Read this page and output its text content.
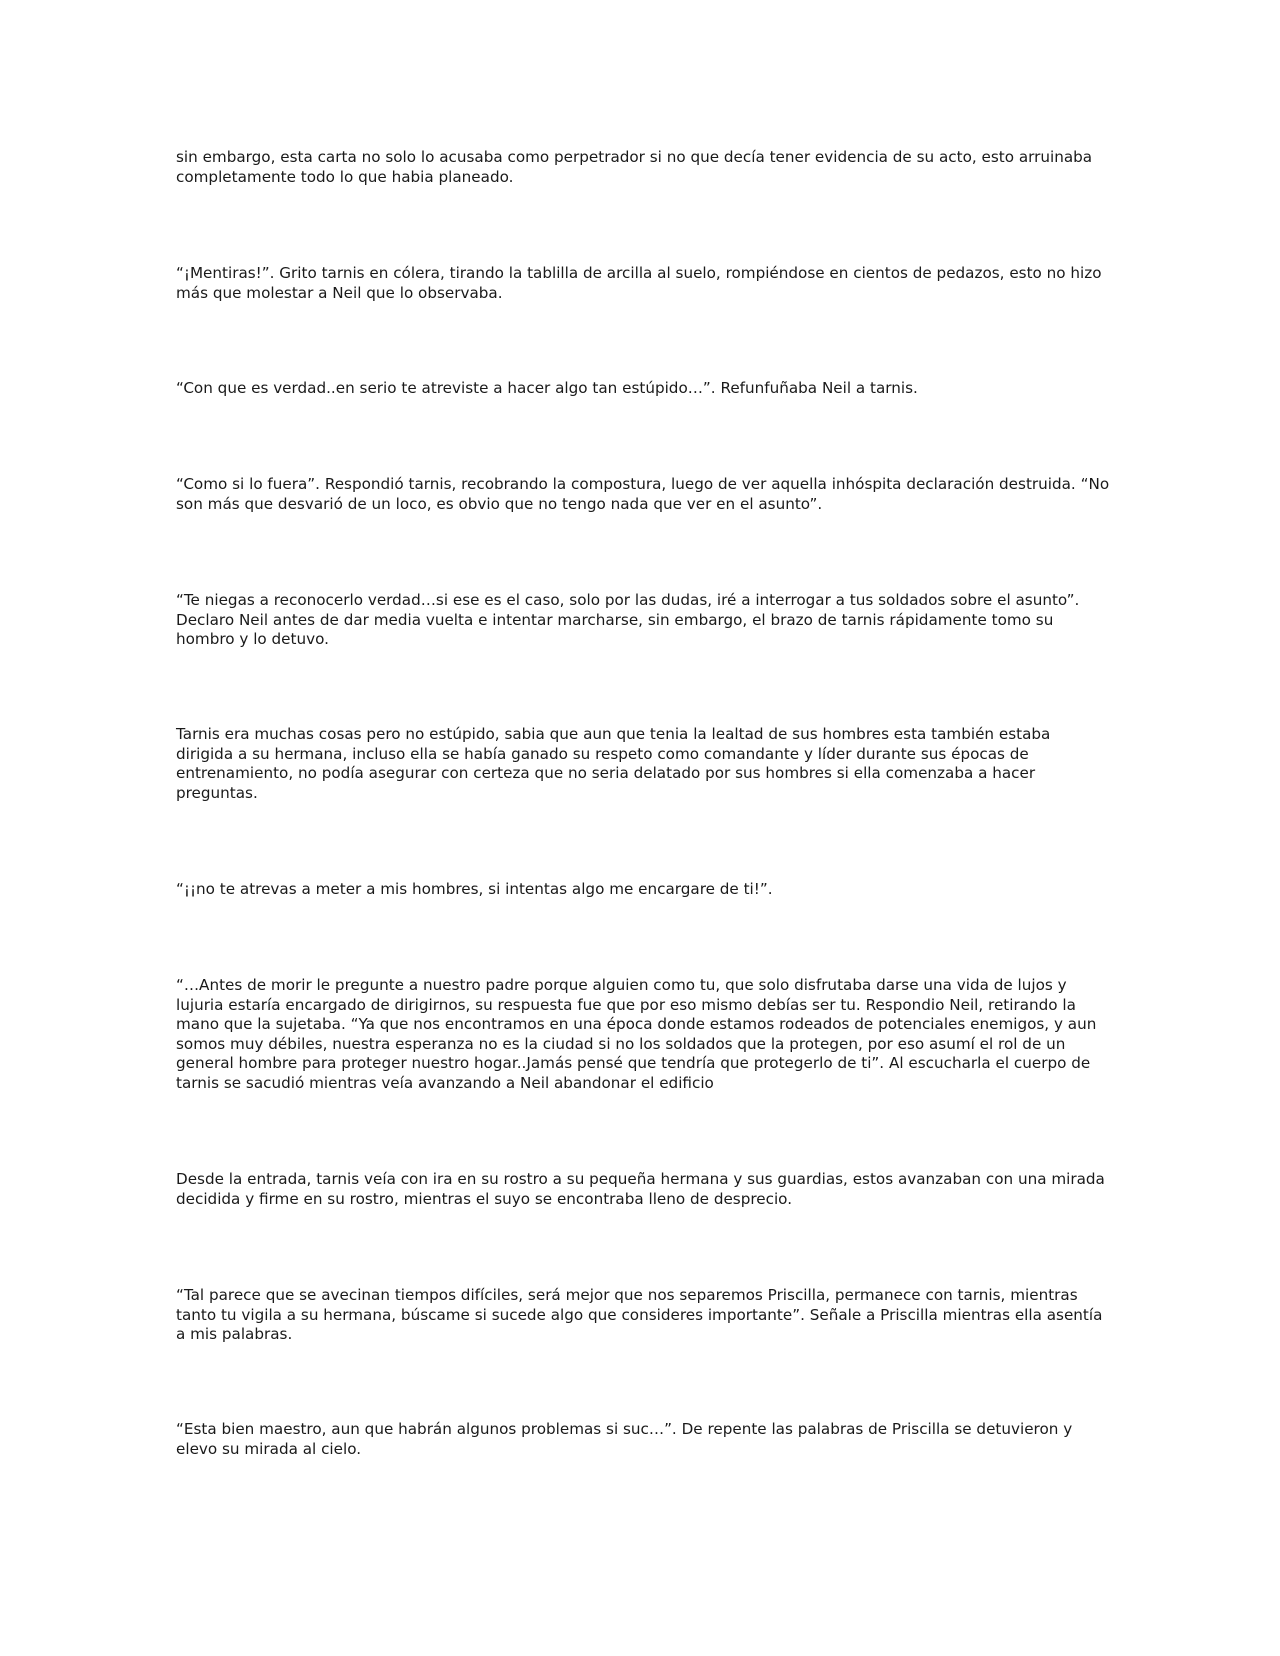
sin embargo, esta carta no solo lo acusaba como perpetrador si no que decía tener evidencia de su acto, esto arruinaba completamente todo lo que habia planeado.

“¡Mentiras!”. Grito tarnis en cólera, tirando la tablilla de arcilla al suelo, rompiéndose en cientos de pedazos, esto no hizo más que molestar a Neil que lo observaba.

“Con que es verdad..en serio te atreviste a hacer algo tan estúpido…”. Refunfuñaba Neil a tarnis.

“Como si lo fuera”. Respondió tarnis, recobrando la compostura, luego de ver aquella inhóspita declaración destruida. “No son más que desvarió de un loco, es obvio que no tengo nada que ver en el asunto”.

“Te niegas a reconocerlo verdad…si ese es el caso, solo por las dudas, iré a interrogar a tus soldados sobre el asunto”. Declaro Neil antes de dar media vuelta e intentar marcharse, sin embargo, el brazo de tarnis rápidamente tomo su hombro y lo detuvo.

Tarnis era muchas cosas pero no estúpido, sabia que aun que tenia la lealtad de sus hombres esta también estaba dirigida a su hermana, incluso ella se había ganado su respeto como comandante y líder durante sus épocas de entrenamiento, no podía asegurar con certeza que no seria delatado por sus hombres si ella comenzaba a hacer preguntas.

“¡¡no te atrevas a meter a mis hombres, si intentas algo me encargare de ti!”.

“…Antes de morir le pregunte a nuestro padre porque alguien como tu, que solo disfrutaba darse una vida de lujos y lujuria estaría encargado de dirigirnos, su respuesta fue que por eso mismo debías ser tu. Respondio Neil, retirando la mano que la sujetaba. “Ya que nos encontramos en una época donde estamos rodeados de potenciales enemigos, y aun somos muy débiles, nuestra esperanza no es la ciudad si no los soldados que la protegen, por eso asumí el rol de un general hombre para proteger nuestro hogar..Jamás pensé que tendría que protegerlo de ti”. Al escucharla el cuerpo de tarnis se sacudió mientras veía avanzando a Neil abandonar el edificio

Desde la entrada, tarnis veía con ira en su rostro a su pequeña hermana y sus guardias, estos avanzaban con una mirada decidida y firme en su rostro, mientras el suyo se encontraba lleno de desprecio.

“Tal parece que se avecinan tiempos difíciles, será mejor que nos separemos Priscilla, permanece con tarnis, mientras tanto tu vigila a su hermana, búscame si sucede algo que consideres importante”. Señale a Priscilla mientras ella asentía a mis palabras.

“Esta bien maestro, aun que habrán algunos problemas si suc…”. De repente las palabras de Priscilla se detuvieron y elevo su mirada al cielo.
